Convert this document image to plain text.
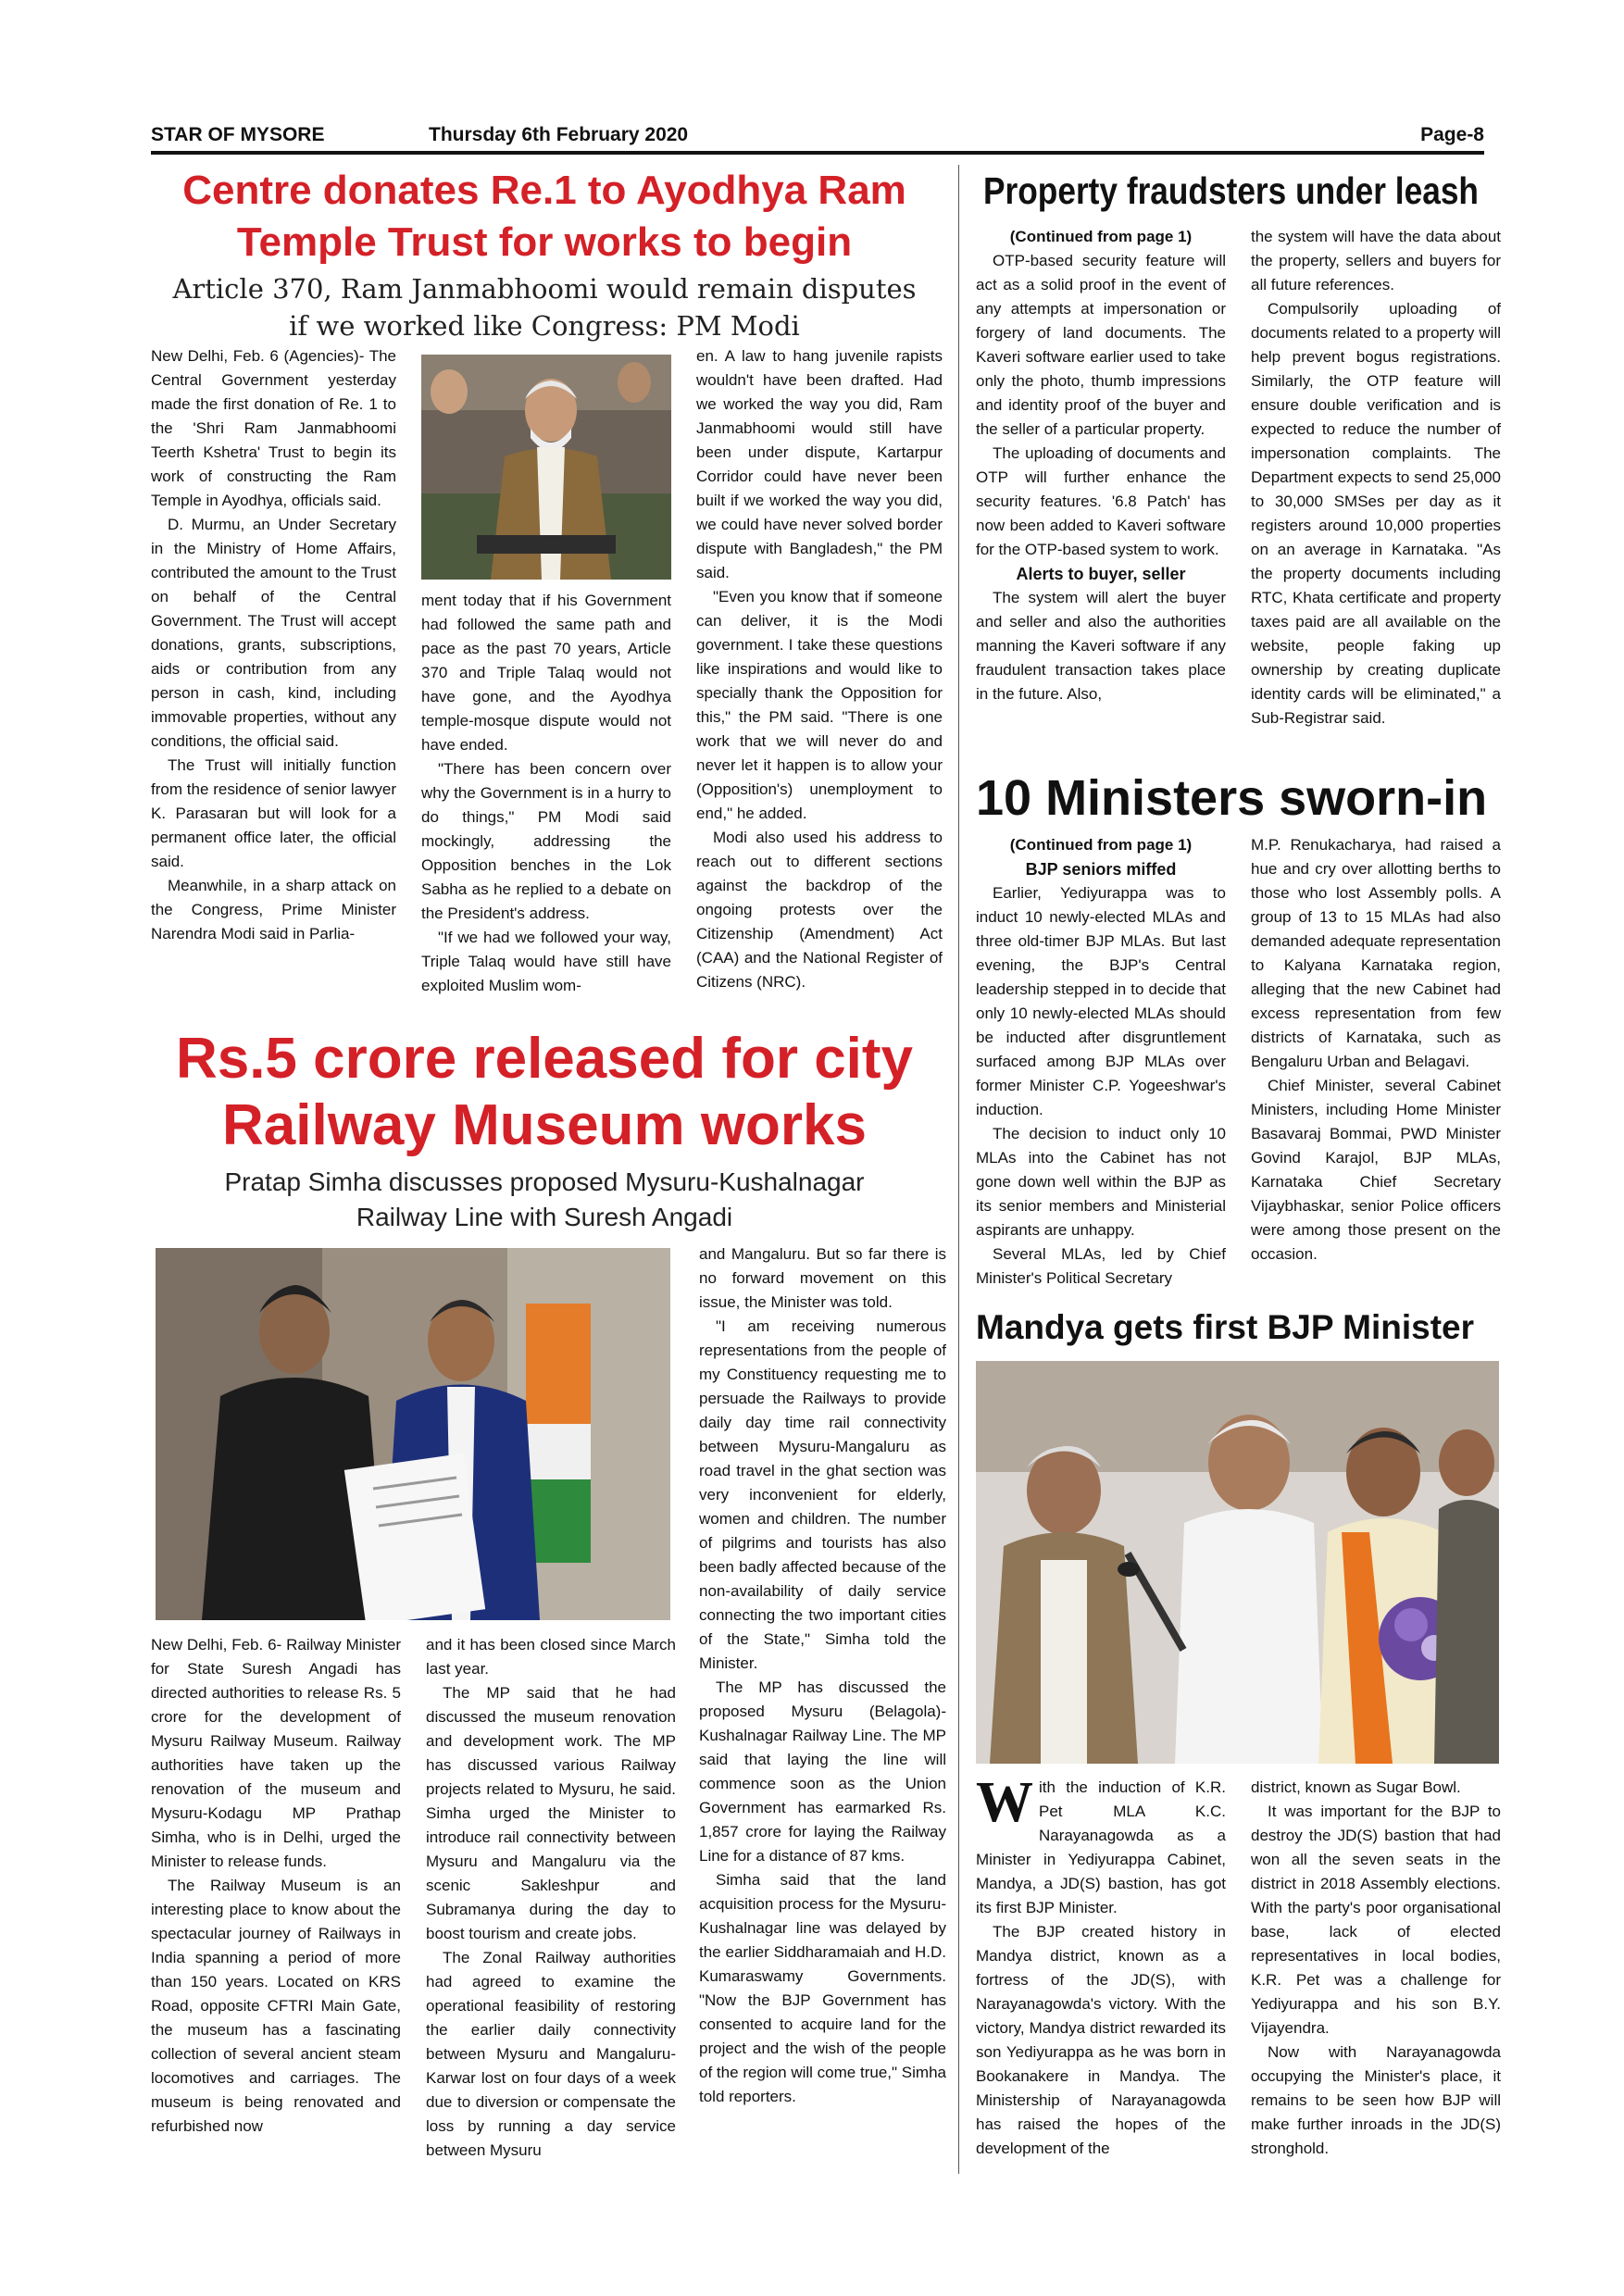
STAR OF MYSORE	Thursday 6th February 2020	Page-8
Centre donates Re.1 to Ayodhya Ram
Temple Trust for works to begin
Article 370, Ram Janmabhoomi would remain disputes
if we worked like Congress: PM Modi

New Delhi, Feb. 6 (Agencies)- The Central Government yesterday made the first donation of Re. 1 to the 'Shri Ram Janmabhoomi Teerth Kshetra' Trust to begin its work of constructing the Ram Temple in Ayodhya, officials said.

D. Murmu, an Under Secretary in the Ministry of Home Affairs, contributed the amount to the Trust on behalf of the Central Government. The Trust will accept donations, grants, subscriptions, aids or contribution from any person in cash, kind, including immovable properties, without any conditions, the official said.

The Trust will initially function from the residence of senior lawyer K. Parasaran but will look for a permanent office later, the official said.

Meanwhile, in a sharp attack on the Congress, Prime Minister Narendra Modi said in Parlia-

ment today that if his Government had followed the same path and pace as the past 70 years, Article 370 and Triple Talaq would not have gone, and the Ayodhya temple-mosque dispute would not have ended.

"There has been concern over why the Government is in a hurry to do things," PM Modi said mockingly, addressing the Opposition benches in the Lok Sabha as he replied to a debate on the President's address.

"If we had we followed your way, Triple Talaq would have still have exploited Muslim wom-

en. A law to hang juvenile rapists wouldn't have been drafted. Had we worked the way you did, Ram Janmabhoomi would still have been under dispute, Kartarpur Corridor could have never been built if we worked the way you did, we could have never solved border dispute with Bangladesh," the PM said.

"Even you know that if someone can deliver, it is the Modi government. I take these questions like inspirations and would like to specially thank the Opposition for this," the PM said. "There is one work that we will never do and never let it happen is to allow your (Opposition's) unemployment to end," he added.

Modi also used his address to reach out to different sections against the backdrop of the ongoing protests over the Citizenship (Amendment) Act (CAA) and the National Register of Citizens (NRC).

Property fraudsters under leash
(Continued from page 1)

OTP-based security feature will act as a solid proof in the event of any attempts at impersonation or forgery of land documents. The Kaveri software earlier used to take only the photo, thumb impressions and identity proof of the buyer and the seller of a particular property.

The uploading of documents and OTP will further enhance the security features. '6.8 Patch' has now been added to Kaveri software for the OTP-based system to work.

Alerts to buyer, seller

The system will alert the buyer and seller and also the authorities manning the Kaveri software if any fraudulent transaction takes place in the future. Also,

the system will have the data about the property, sellers and buyers for all future references.

Compulsorily uploading of documents related to a property will help prevent bogus registrations. Similarly, the OTP feature will ensure double verification and is expected to reduce the number of impersonation complaints. The Department expects to send 25,000 to 30,000 SMSes per day as it registers around 10,000 properties on an average in Karnataka. "As the property documents including RTC, Khata certificate and property taxes paid are all available on the website, people faking up ownership by creating duplicate identity cards will be eliminated," a Sub-Registrar said.

10 Ministers sworn-in
(Continued from page 1)
BJP seniors miffed

Earlier, Yediyurappa was to induct 10 newly-elected MLAs and three old-timer BJP MLAs. But last evening, the BJP's Central leadership stepped in to decide that only 10 newly-elected MLAs should be inducted after disgruntlement surfaced among BJP MLAs over former Minister C.P. Yogeeshwar's induction.

The decision to induct only 10 MLAs into the Cabinet has not gone down well within the BJP as its senior members and Ministerial aspirants are unhappy.

Several MLAs, led by Chief Minister's Political Secretary

M.P. Renukacharya, had raised a hue and cry over allotting berths to those who lost Assembly polls. A group of 13 to 15 MLAs had also demanded adequate representation to Kalyana Karnataka region, alleging that the new Cabinet had excess representation from few districts of Karnataka, such as Bengaluru Urban and Belagavi.

Chief Minister, several Cabinet Ministers, including Home Minister Basavaraj Bommai, PWD Minister Govind Karajol, BJP MLAs, Karnataka Chief Secretary Vijaybhaskar, senior Police officers were among those present on the occasion.

Rs.5 crore released for city
Railway Museum works
Pratap Simha discusses proposed Mysuru-Kushalnagar
Railway Line with Suresh Angadi

New Delhi, Feb. 6- Railway Minister for State Suresh Angadi has directed authorities to release Rs. 5 crore for the development of Mysuru Railway Museum. Railway authorities have taken up the renovation of the museum and Mysuru-Kodagu MP Prathap Simha, who is in Delhi, urged the Minister to release funds.

The Railway Museum is an interesting place to know about the spectacular journey of Railways in India spanning a period of more than 150 years. Located on KRS Road, opposite CFTRI Main Gate, the museum has a fascinating collection of several ancient steam locomotives and carriages. The museum is being renovated and refurbished now

and it has been closed since March last year.

The MP said that he had discussed the museum renovation and development work. The MP has discussed various Railway projects related to Mysuru, he said. Simha urged the Minister to introduce rail connectivity between Mysuru and Mangaluru via the scenic Sakleshpur and Subramanya during the day to boost tourism and create jobs.

The Zonal Railway authorities had agreed to examine the operational feasibility of restoring the earlier daily connectivity between Mysuru and Mangaluru-Karwar lost on four days of a week due to diversion or compensate the loss by running a day service between Mysuru

and Mangaluru. But so far there is no forward movement on this issue, the Minister was told.

"I am receiving numerous representations from the people of my Constituency requesting me to persuade the Railways to provide daily day time rail connectivity between Mysuru-Mangaluru as road travel in the ghat section was very inconvenient for elderly, women and children. The number of pilgrims and tourists has also been badly affected because of the non-availability of daily service connecting the two important cities of the State," Simha told the Minister.

The MP has discussed the proposed Mysuru (Belagola)-Kushalnagar Railway Line. The MP said that laying the line will commence soon as the Union Government has earmarked Rs. 1,857 crore for laying the Railway Line for a distance of 87 kms.

Simha said that the land acquisition process for the Mysuru-Kushalnagar line was delayed by the earlier Siddharamaiah and H.D. Kumaraswamy Governments. "Now the BJP Government has consented to acquire land for the project and the wish of the people of the region will come true," Simha told reporters.

Mandya gets first BJP Minister

With the induction of K.R. Pet MLA K.C. Narayanagowda as a Minister in Yediyurappa Cabinet, Mandya, a JD(S) bastion, has got its first BJP Minister.

The BJP created history in Mandya district, known as a fortress of the JD(S), with Narayanagowda's victory. With the victory, Mandya district rewarded its son Yediyurappa as he was born in Bookanakere in Mandya. The Ministership of Narayanagowda has raised the hopes of the development of the

district, known as Sugar Bowl.

It was important for the BJP to destroy the JD(S) bastion that had won all the seven seats in the district in 2018 Assembly elections. With the party's poor organisational base, lack of elected representatives in local bodies, K.R. Pet was a challenge for Yediyurappa and his son B.Y. Vijayendra.

Now with Narayanagowda occupying the Minister's place, it remains to be seen how BJP will make further inroads in the JD(S) stronghold.
